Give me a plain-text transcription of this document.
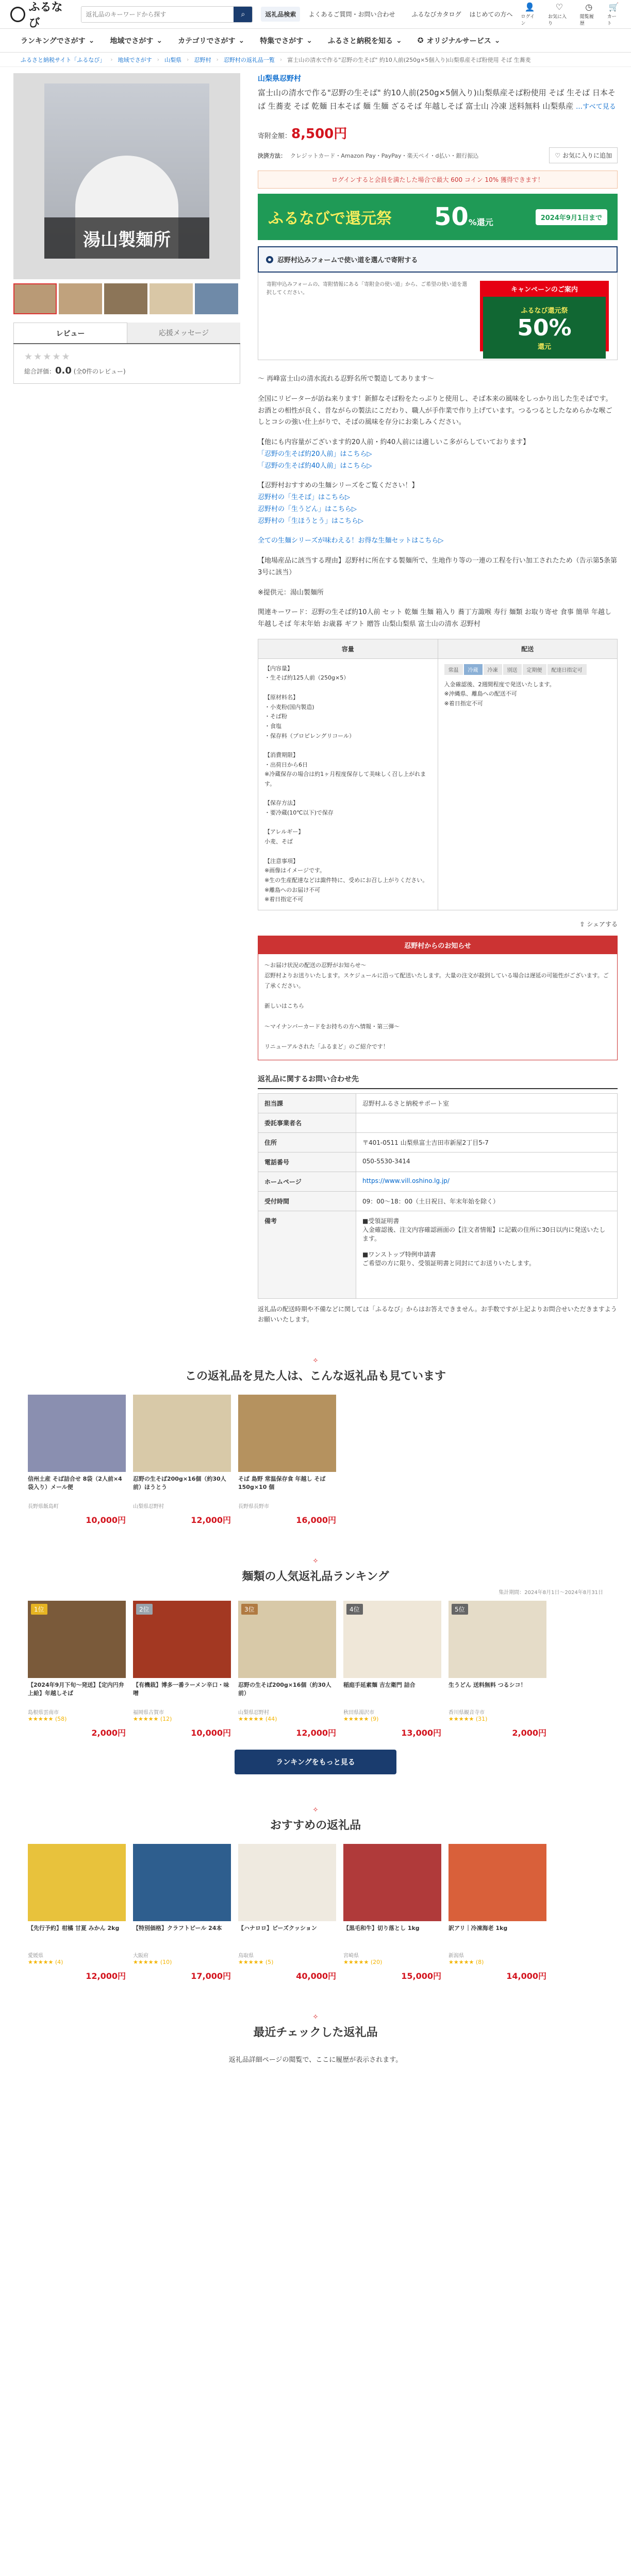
ふるなび
返礼品のキーワードから探す
⌕	返礼品検索	よくあるご質問・お問い合わせ	ふるなびカタログ はじめての方へ
👤
ログイン
♡
お気に入り
◷
閲覧履歴
🛒
カート
ランキングでさがす ⌄ 地域でさがす ⌄ カテゴリでさがす ⌄ 特集でさがす ⌄ ふるさと納税を知る ⌄ ✪ オリジナルサービス ⌄
ふるさと納税サイト「ふるなび」 › 地域でさがす › 山梨県 › 忍野村 › 忍野村の返礼品一覧 › 富士山の清水で作る"忍野の生そば" 約10人前(250g×5個入り)山梨県産そば粉使用 そば 生蕎麦
湯山製麺所
レビュー	応援メッセージ
★★★★★
総合評価：0.0 (全0件のレビュー)
山梨県忍野村
富士山の清水で作る"忍野の生そば" 約10人前(250g×5個入り)山梨県産そば粉使用 そば 生そば 日本そば 生蕎麦 そば 乾麺 日本そば 麺 生麺 ざるそば 年越しそば 富士山 冷凍 送料無料 山梨県産 …すべて見る
寄附金額：8,500円
決済方法： クレジットカード・Amazon Pay・PayPay・楽天ペイ・d払い・銀行振込	♡ お気に入りに追加
ログインすると会員を満たした場合で最大 600 コイン 10% 獲得できます！
ふるなびで還元祭 50%還元	2024年9月1日まで
忍野村込みフォームで使い道を選んで寄附する
寄附申込みフォームの、寄附情報にある「寄附金の使い道」から、ご希望の使い道を選択してください。	キャンペーンのご案内
ふるなび還元祭
50%
還元

〜 再峰富士山の清水流れる忍野名所で製造してあります〜

全国にリピーターが訪ね来ります！新鮮なそば粉をたっぷりと使用し、そば本来の風味をしっかり出した生そばです。お酒との相性が良く、昔ながらの製法にこだわり、職人が手作業で作り上げています。つるつるとしたなめらかな喉ごしとコシの強い仕上がりで、そばの風味を存分にお楽しみください。

【他にも内容量がございます約20人前・約40人前には適しいこ多がらしていております】
「忍野の生そば約20人前」はこちら▷
「忍野の生そば約40人前」はこちら▷

【忍野村おすすめの生麺シリーズをご覧ください！】
忍野村の「生そば」はこちら▷
忍野村の「生うどん」はこちら▷
忍野村の「生ほうとう」はこちら▷

全ての生麺シリーズが味わえる！お得な生麺セットはこちら▷

【地場産品に該当する理由】忍野村に所在する製麺所で、生地作り等の一連の工程を行い加工されたため（告示第5条第3号に該当）

※提供元：湯山製麺所

関連キーワード：忍野の生そば約10人前 セット 乾麺 生麺 箱入り 蕎丁方諏喉 寿行 麺類 お取り寄せ 食事 簡単 年越し 年越しそば 年末年始 お歳暮 ギフト 贈答 山梨山梨県 富士山の清水 忍野村

容量
【内容量】
・生そば約125人前（250g×5）

【原材料名】
・小麦粉(国内製造)
・そば粉
・食塩
・保存料（プロピレングリコール）

【消費期限】
・出荷日から6日
※冷蔵保存の場合は約1ヶ月程度保存して美味しく召し上がれます。

【保存方法】
・要冷蔵(10℃以下)で保存

【アレルギー】
小麦、そば

【注意事項】
※画像はイメージです。
※生の生産配達などは諏件特に、受めにお召し上がりください。
※離島へのお届け不可
※着日指定不可
配送
常温	冷蔵	冷凍	別送	定期便	配達日指定可
入金確認後、2週間程度で発送いたします。
※沖縄県、離島への配送不可
※着日指定不可
⇪ シェアする
忍野村からのお知らせ
〜お届け状況の配送の忍野がお知らせ〜
忍野村よりお送りいたします。スケジュールに沿って配送いたします。大量の注文が殺到している場合は遅延の可能性がございます。ご了承ください。

新しいはこちら

〜マイナンバーカードをお持ちの方へ情報・第三弾〜

リニューアルされた「ふるまど」のご紹介です！
返礼品に関するお問い合わせ先
担当課	忍野村ふるさと納税サポート室
委託事業者名	
住所	〒401-0511 山梨県富士吉田市新屋2丁目5-7
電話番号	050-5530-3414
ホームページ	https://www.vill.oshino.lg.jp/
受付時間	09：00〜18：00（土日祝日、年末年始を除く）
備考	■受領証明書
入金確認後、注文内容確認画面の【注文者情報】に記載の住所に30日以内に発送いたします。

■ワンストップ特例申請書
ご希望の方に限り、受領証明書と同封にてお送りいたします。
返礼品の配送時期や不備などに関しては「ふるなび」からはお答えできません。お手数ですが上記よりお問合せいただきますようお願いいたします。
⟡
この返礼品を見た人は、こんな返礼品も見ています
信州土産 そば詰合せ 8袋（2人前×4袋入り）メール便
長野県飯島町
10,000円
忍野の生そば200g×16個（約30人前）ほうとう
山梨県忍野村
12,000円
そば 島野 常温保存食 年越し そば 150g×10 個
長野県長野市
16,000円
⟡
麺類の人気返礼品ランキング
集計期間：2024年8月1日〜2024年8月31日
1位
【2024年9月下旬〜発送】【定内円弁上給】年越しそば
島根県雲南市
★★★★★ (58)
2,000円
2位
【有機栽】博多一番ラーメン辛口・味噌
福岡県古賀市
★★★★★ (12)
10,000円
3位
忍野の生そば200g×16個（約30人前）
山梨県忍野村
★★★★★ (44)
12,000円
4位
稲庭手延素麺 吉左衛門 詰合
秋田県湯沢市
★★★★★ (9)
13,000円
5位
生うどん 送料無料 つるシコ！
香川県観音寺市
★★★★★ (31)
2,000円
ランキングをもっと見る
⟡
おすすめの返礼品
【先行予約】柑橘 甘夏 みかん 2kg
愛媛県
★★★★★ (4)
12,000円
【特別価格】クラフトビール 24本
大阪府
★★★★★ (10)
17,000円
【ハナロロ】ビーズクッション
鳥取県
★★★★★ (5)
40,000円
【黒毛和牛】切り落とし 1kg
宮崎県
★★★★★ (20)
15,000円
訳アリ｜冷凍海老 1kg
新潟県
★★★★★ (8)
14,000円
⟡
最近チェックした返礼品
返礼品詳細ページの閲覧で、ここに履歴が表示されます。
